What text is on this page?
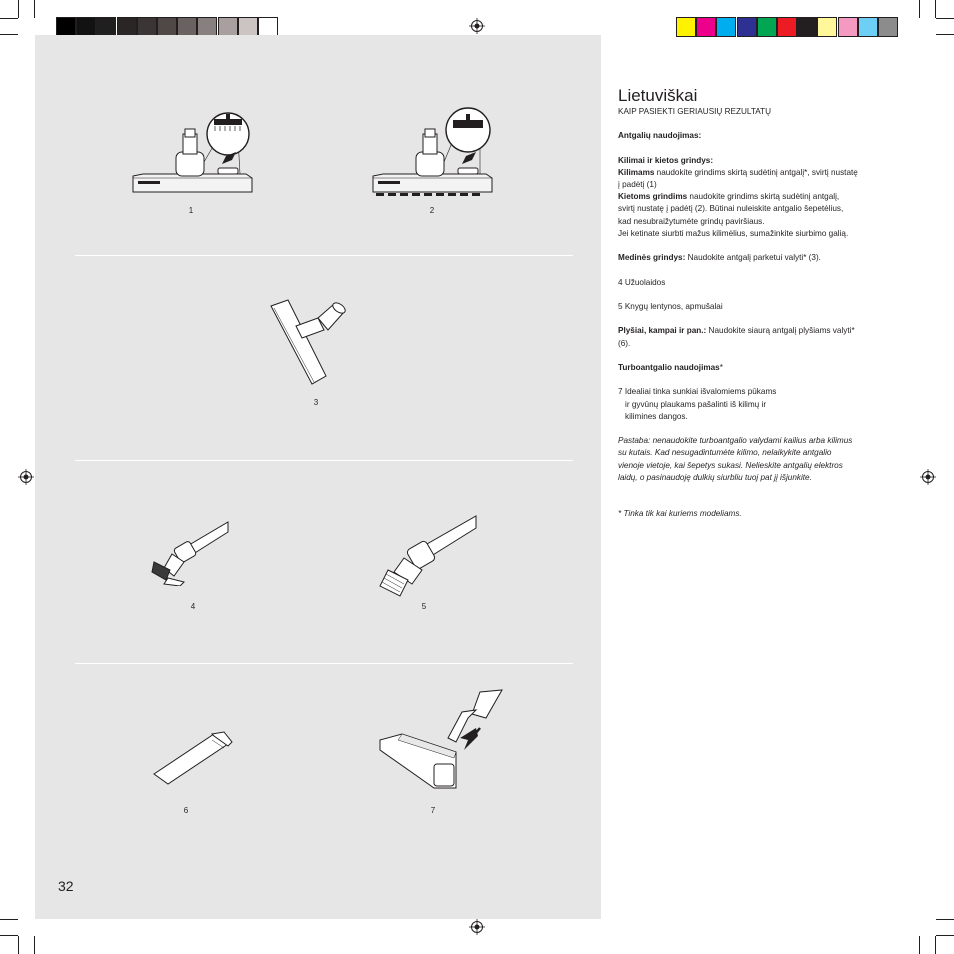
1	2
3
4	5
6	7
32
Lietuviškai
KAIP PASIEKTI GERIAUSIŲ REZULTATŲ
Antgalių naudojimas:
Kilimai ir kietos grindys:
Kilimams naudokite grindims skirtą sudėtinį antgalį*, svirtį nustatę į padėtį (1)
Kietoms grindims naudokite grindims skirtą sudėtinį antgalį, svirtį nustatę į padėtį (2). Būtinai nuleiskite antgalio šepetėlius, kad nesubraižytumėte grindų paviršiaus.
Jei ketinate siurbti mažus kilimėlius, sumažinkite siurbimo galią.
Medinės grindys: Naudokite antgalį parketui valyti* (3).
4 Užuolaidos
5 Knygų lentynos, apmušalai
Plyšiai, kampai ir pan.: Naudokite siaurą antgalį plyšiams valyti* (6).
Turboantgalio naudojimas*
7 Idealiai tinka sunkiai išvalomiems pūkams
ir gyvūnų plaukams pašalinti iš kilimų ir
kilimines dangos.
Pastaba: nenaudokite turboantgalio valydami kailius arba kilimus su kutais. Kad nesugadintumėte kilimo, nelaikykite antgalio vienoje vietoje, kai šepetys sukasi. Nelieskite antgalių elektros laidų, o pasinaudoję dulkių siurbliu tuoj pat jį išjunkite.
* Tinka tik kai kuriems modeliams.
